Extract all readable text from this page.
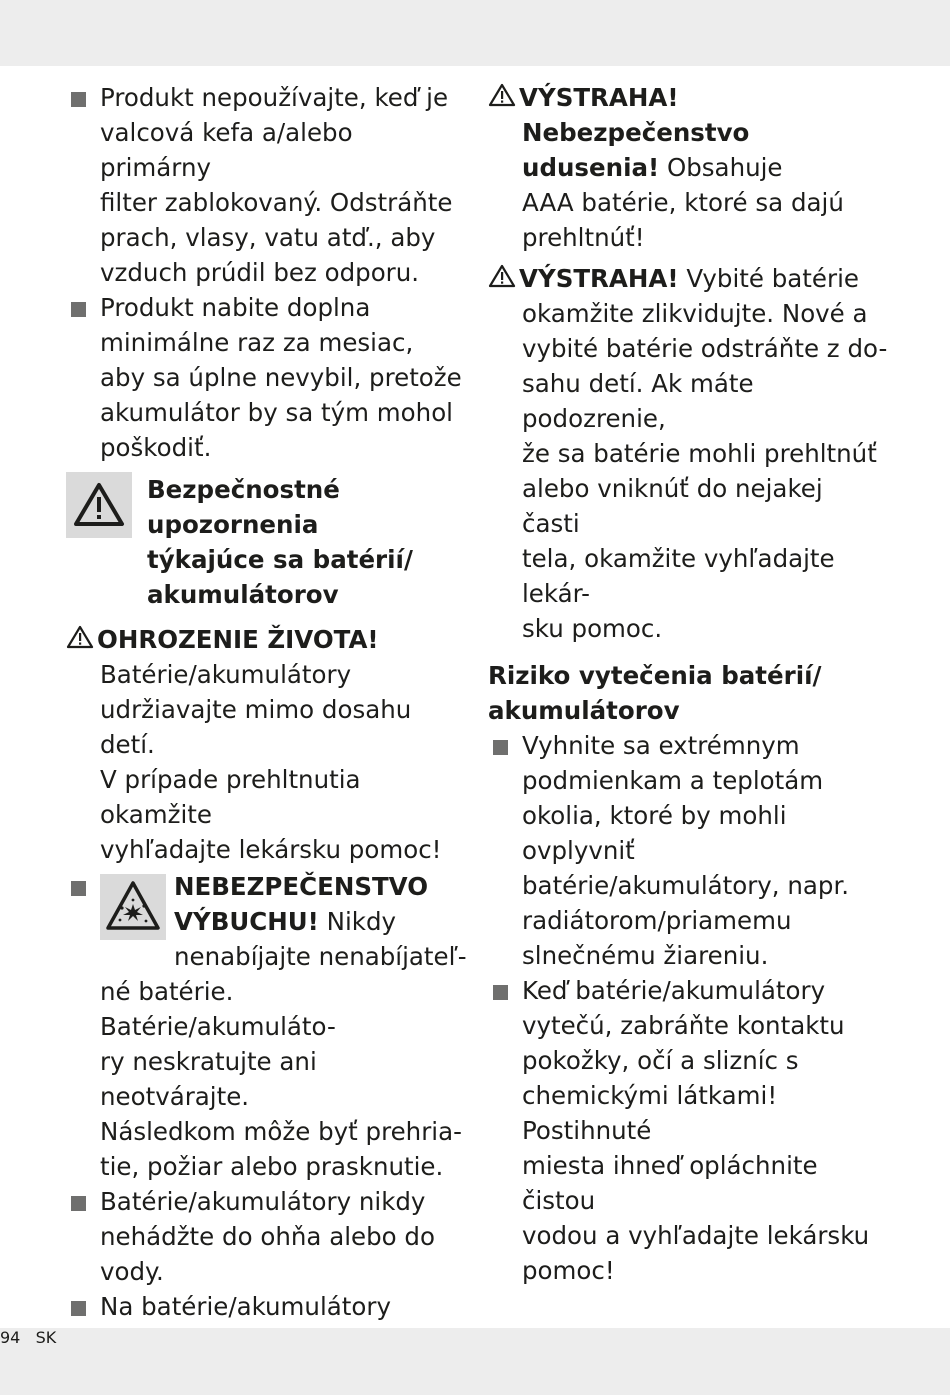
Produkt nepoužívajte, keď je

valcová kefa a/alebo primárny

filter zablokovaný. Odstráňte

prach, vlasy, vatu atď., aby

vzduch prúdil bez odporu.

Produkt nabite doplna

minimálne raz za mesiac,

aby sa úplne nevybil, pretože

akumulátor by sa tým mohol

poškodiť.

Bezpečnostné

upozornenia

týkajúce sa batérií/

akumulátorov

OHROZENIE ŽIVOTA!

Batérie/akumulátory

udržiavajte mimo dosahu detí.

V prípade prehltnutia okamžite

vyhľadajte lekársku pomoc!

NEBEZPEČENSTVO

VÝBUCHU! Nikdy

nenabíjajte nenabíjateľ-

né batérie. Batérie/akumuláto-

ry neskratujte ani neotvárajte.

Následkom môže byť prehria-

tie, požiar alebo prasknutie.

Batérie/akumulátory nikdy

nehádžte do ohňa alebo do

vody.

Na batérie/akumulátory

VÝSTRAHA!

Nebezpečenstvo

udusenia! Obsahuje

AAA batérie, ktoré sa dajú

prehltnúť!

VÝSTRAHA! Vybité batérie

okamžite zlikvidujte. Nové a

vybité batérie odstráňte z do-

sahu detí. Ak máte podozrenie,

že sa batérie mohli prehltnúť

alebo vniknúť do nejakej časti

tela, okamžite vyhľadajte lekár-

sku pomoc.

Riziko vytečenia batérií/

akumulátorov

Vyhnite sa extrémnym

podmienkam a teplotám

okolia, ktoré by mohli ovplyvniť

batérie/akumulátory, napr.

radiátorom/priamemu

slnečnému žiareniu.

Keď batérie/akumulátory

vytečú, zabráňte kontaktu

pokožky, očí a slizníc s

chemickými látkami! Postihnuté

miesta ihneď opláchnite čistou

vodou a vyhľadajte lekársku

pomoc!

94 SK
